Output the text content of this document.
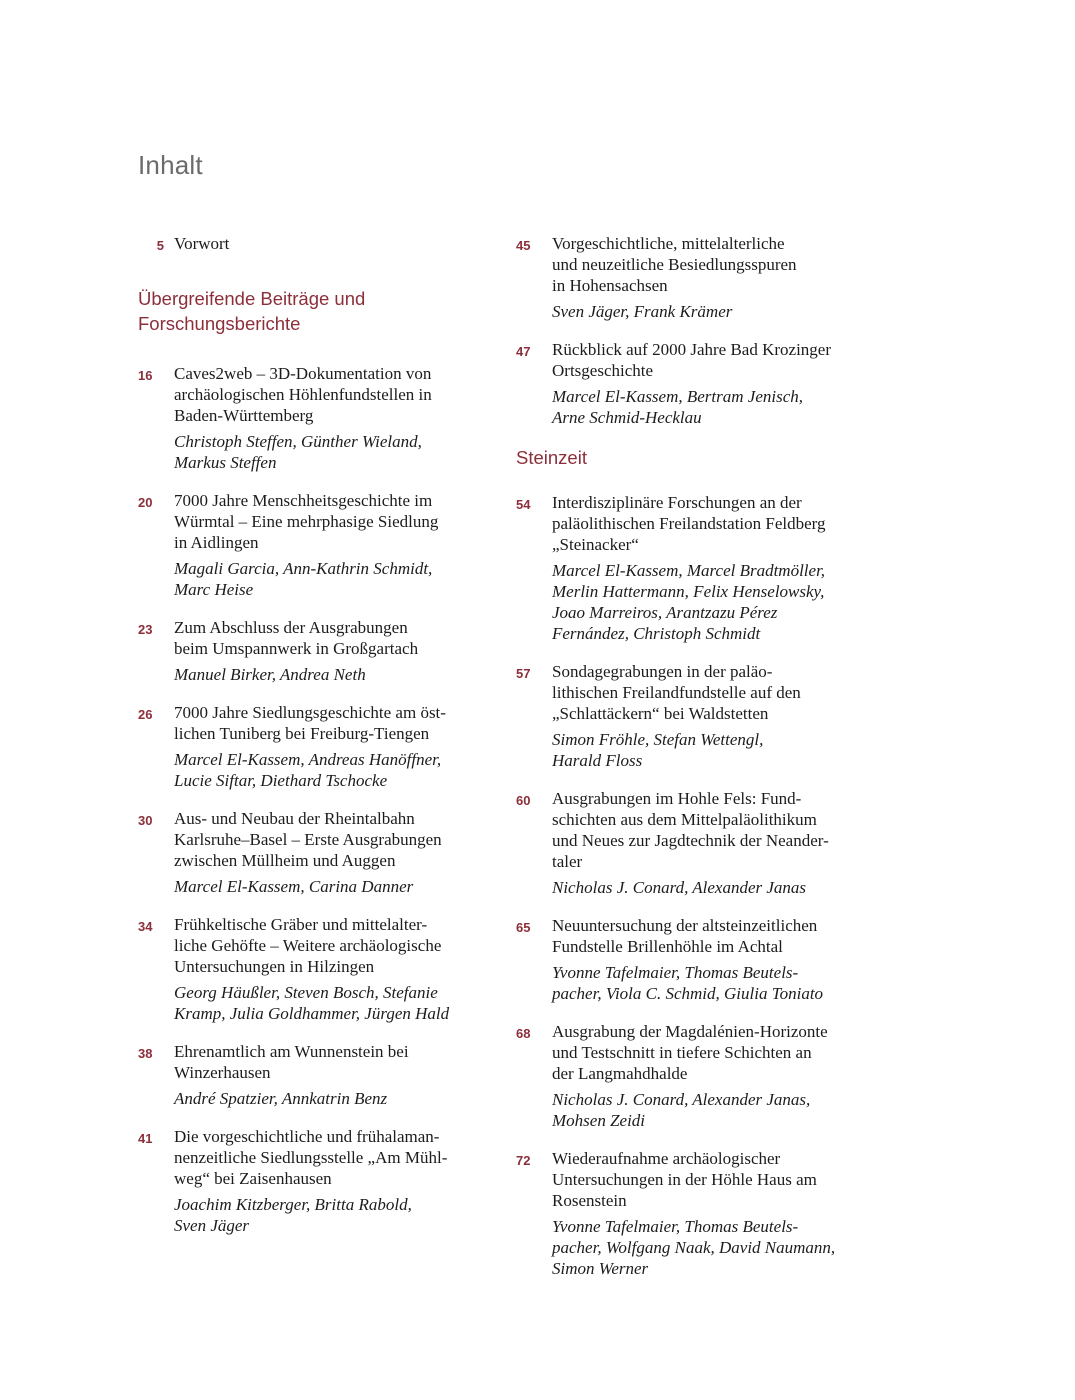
Inhalt
5 Vorwort
Übergreifende Beiträge und
Forschungsberichte
16	Caves2web – 3D-Dokumentation von
archäologischen Höhlenfundstellen in
Baden-Württemberg
Christoph Steffen, Günther Wieland,
Markus Steffen
20	7000 Jahre Menschheitsgeschichte im
Würmtal – Eine mehrphasige Siedlung
in Aidlingen
Magali Garcia, Ann-Kathrin Schmidt,
Marc Heise
23	Zum Abschluss der Ausgrabungen
beim Umspannwerk in Großgartach
Manuel Birker, Andrea Neth
26	7000 Jahre Siedlungsgeschichte am öst-
lichen Tuniberg bei Freiburg-Tiengen
Marcel El-Kassem, Andreas Hanöffner,
Lucie Siftar, Diethard Tschocke
30	Aus- und Neubau der Rheintalbahn
Karlsruhe–Basel – Erste Ausgrabungen
zwischen Müllheim und Auggen
Marcel El-Kassem, Carina Danner
34	Frühkeltische Gräber und mittelalter-
liche Gehöfte – Weitere archäologische
Untersuchungen in Hilzingen
Georg Häußler, Steven Bosch, Stefanie
Kramp, Julia Goldhammer, Jürgen Hald
38	Ehrenamtlich am Wunnenstein bei
Winzerhausen
André Spatzier, Annkatrin Benz
41	Die vorgeschichtliche und frühalaman-
nenzeitliche Siedlungsstelle „Am Mühl-
weg“ bei Zaisenhausen
Joachim Kitzberger, Britta Rabold,
Sven Jäger
45	Vorgeschichtliche, mittelalterliche
und neuzeitliche Besiedlungsspuren
in Hohensachsen
Sven Jäger, Frank Krämer
47	Rückblick auf 2000 Jahre Bad Krozinger
Ortsgeschichte
Marcel El-Kassem, Bertram Jenisch,
Arne Schmid-Hecklau
Steinzeit
54	Interdisziplinäre Forschungen an der
paläolithischen Freilandstation Feldberg
„Steinacker“
Marcel El-Kassem, Marcel Bradtmöller,
Merlin Hattermann, Felix Henselowsky,
Joao Marreiros, Arantzazu Pérez
Fernández, Christoph Schmidt
57	Sondagegrabungen in der paläo-
lithischen Freilandfundstelle auf den
„Schlattäckern“ bei Waldstetten
Simon Fröhle, Stefan Wettengl,
Harald Floss
60	Ausgrabungen im Hohle Fels: Fund-
schichten aus dem Mittelpaläolithikum
und Neues zur Jagdtechnik der Neander-
taler
Nicholas J. Conard, Alexander Janas
65	Neuuntersuchung der altsteinzeitlichen
Fundstelle Brillenhöhle im Achtal
Yvonne Tafelmaier, Thomas Beutels-
pacher, Viola C. Schmid, Giulia Toniato
68	Ausgrabung der Magdalénien-Horizonte
und Testschnitt in tiefere Schichten an
der Langmahdhalde
Nicholas J. Conard, Alexander Janas,
Mohsen Zeidi
72	Wiederaufnahme archäologischer
Untersuchungen in der Höhle Haus am
Rosenstein
Yvonne Tafelmaier, Thomas Beutels-
pacher, Wolfgang Naak, David Naumann,
Simon Werner
